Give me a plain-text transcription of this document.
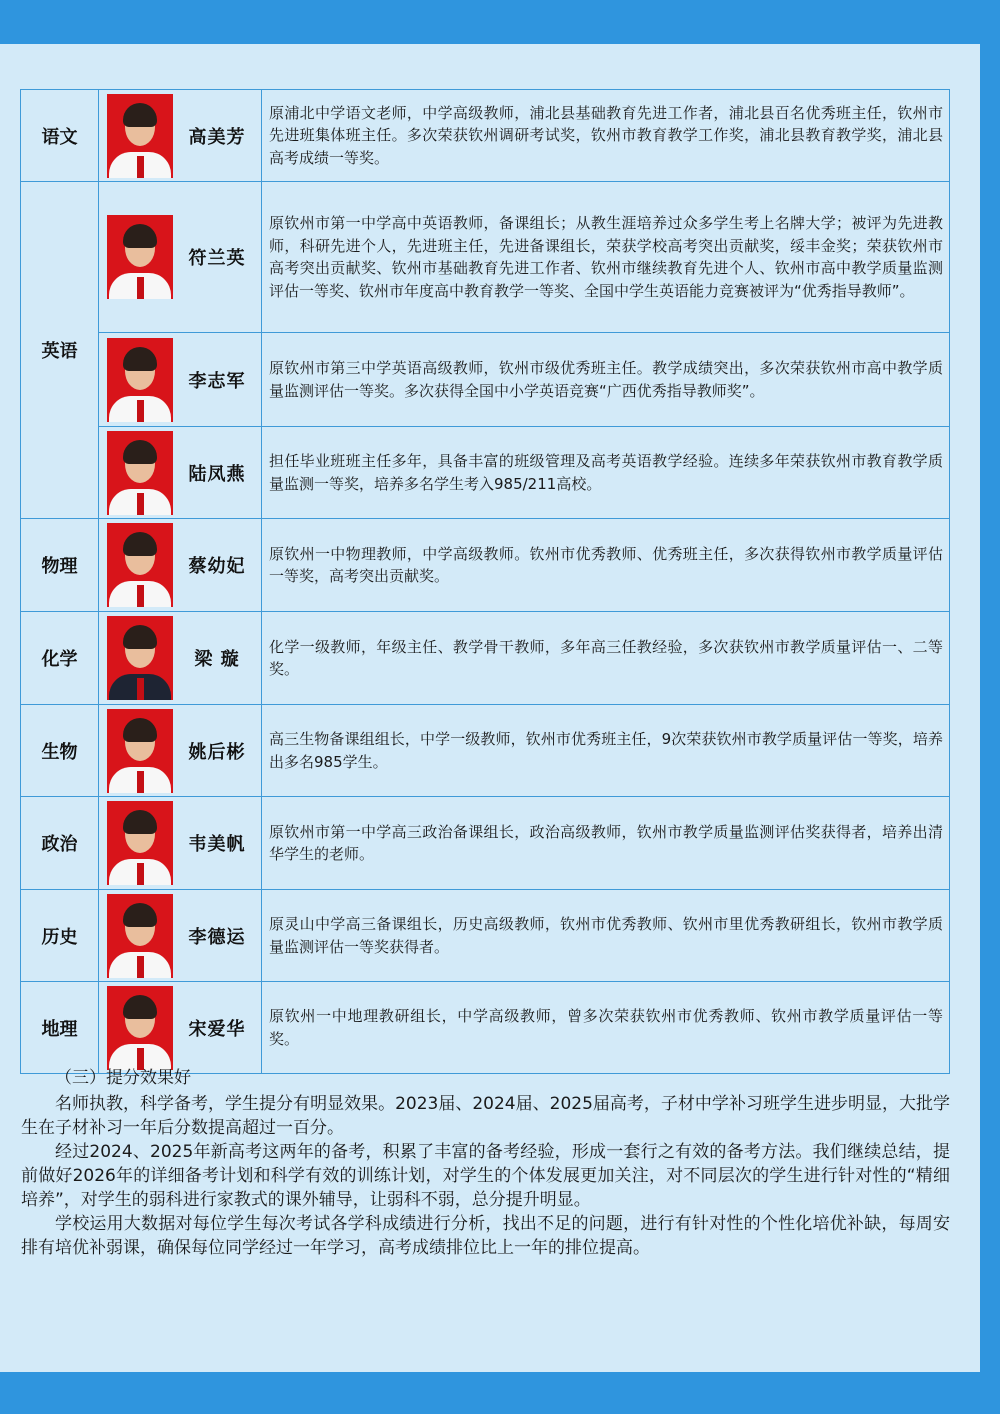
语文	高美芳	原浦北中学语文老师，中学高级教师，浦北县基础教育先进工作者，浦北县百名优秀班主任，钦州市先进班集体班主任。多次荣获钦州调研考试奖，钦州市教育教学工作奖，浦北县教育教学奖，浦北县高考成绩一等奖。
英语	符兰英	原钦州市第一中学高中英语教师，备课组长；从教生涯培养过众多学生考上名牌大学；被评为先进教师，科研先进个人，先进班主任，先进备课组长，荣获学校高考突出贡献奖，绥丰金奖；荣获钦州市高考突出贡献奖、钦州市基础教育先进工作者、钦州市继续教育先进个人、钦州市高中教学质量监测评估一等奖、钦州市年度高中教育教学一等奖、全国中学生英语能力竞赛被评为“优秀指导教师”。

	李志军	原钦州市第三中学英语高级教师，钦州市级优秀班主任。教学成绩突出，多次荣获钦州市高中教学质量监测评估一等奖。多次获得全国中小学英语竞赛“广西优秀指导教师奖”。

	陆凤燕	担任毕业班班主任多年，具备丰富的班级管理及高考英语教学经验。连续多年荣获钦州市教育教学质量监测一等奖，培养多名学生考入985/211高校。
物理	蔡幼妃	原钦州一中物理教师，中学高级教师。钦州市优秀教师、优秀班主任，多次获得钦州市教学质量评估一等奖，高考突出贡献奖。
化学	梁 璇	化学一级教师，年级主任、教学骨干教师，多年高三任教经验，多次获钦州市教学质量评估一、二等奖。
生物	姚后彬	高三生物备课组组长，中学一级教师，钦州市优秀班主任，9次荣获钦州市教学质量评估一等奖，培养出多名985学生。
政治	韦美帆	原钦州市第一中学高三政治备课组长，政治高级教师，钦州市教学质量监测评估奖获得者，培养出清华学生的老师。
历史	李德运	原灵山中学高三备课组长，历史高级教师，钦州市优秀教师、钦州市里优秀教研组长，钦州市教学质量监测评估一等奖获得者。
地理	宋爱华	原钦州一中地理教研组长，中学高级教师，曾多次荣获钦州市优秀教师、钦州市教学质量评估一等奖。

（三）提分效果好

名师执教，科学备考，学生提分有明显效果。2023届、2024届、2025届高考，子材中学补习班学生进步明显，大批学生在子材补习一年后分数提高超过一百分。

经过2024、2025年新高考这两年的备考，积累了丰富的备考经验，形成一套行之有效的备考方法。我们继续总结，提前做好2026年的详细备考计划和科学有效的训练计划，对学生的个体发展更加关注，对不同层次的学生进行针对性的“精细培养”，对学生的弱科进行家教式的课外辅导，让弱科不弱，总分提升明显。

学校运用大数据对每位学生每次考试各学科成绩进行分析，找出不足的问题，进行有针对性的个性化培优补缺，每周安排有培优补弱课，确保每位同学经过一年学习，高考成绩排位比上一年的排位提高。
